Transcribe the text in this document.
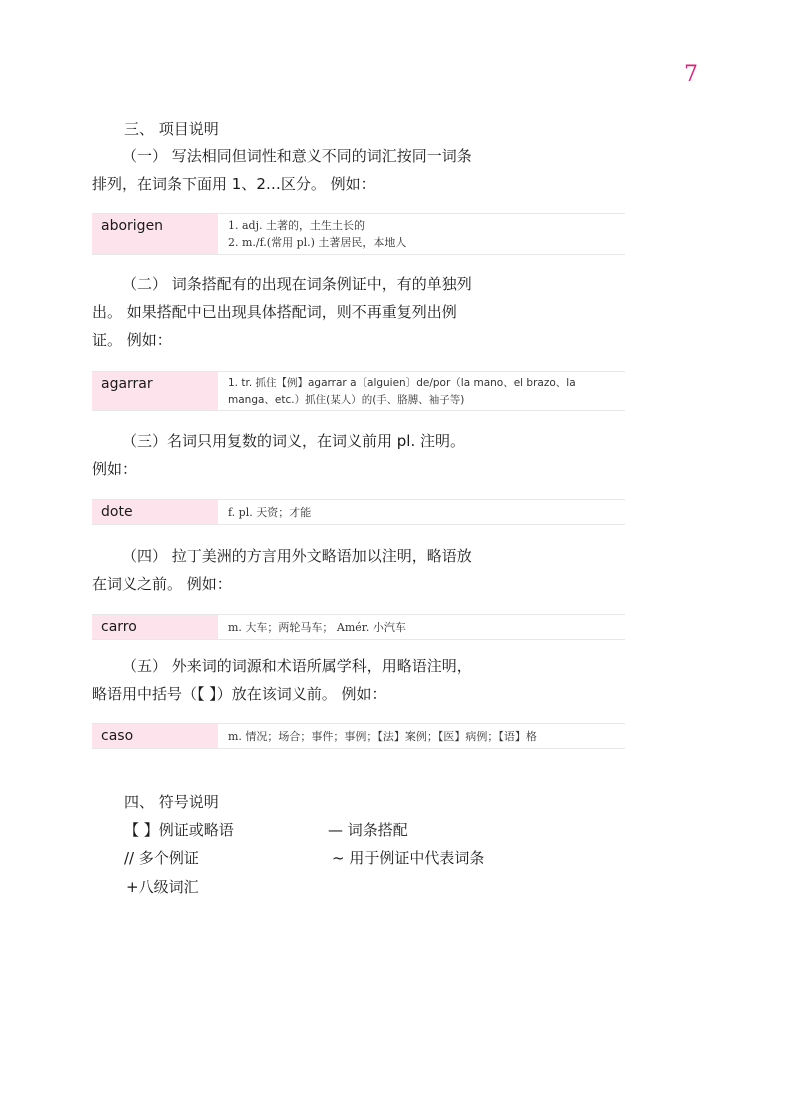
7
三、 项目说明
（一） 写法相同但词性和意义不同的词汇按同一词条
排列，在词条下面用 1、2…区分。 例如：
aborigen	1. adj. 土著的，土生土长的
2. m./f.(常用 pl.) 土著居民，本地人
（二） 词条搭配有的出现在词条例证中，有的单独列
出。 如果搭配中已出现具体搭配词，则不再重复列出例
证。 例如：
agarrar	1. tr. 抓住【例】agarrar a〔alguien〕de/por（la mano、el brazo、la
manga、etc.）抓住(某人）的(手、胳膊、袖子等)
（三）名词只用复数的词义，在词义前用 pl. 注明。
例如：
dote	f. pl. 天资；才能
（四） 拉丁美洲的方言用外文略语加以注明，略语放
在词义之前。 例如：
carro	m. 大车；两轮马车； Amér. 小汽车
（五） 外来词的词源和术语所属学科，用略语注明，
略语用中括号（【 】）放在该词义前。 例如：
caso	m. 情况；场合；事件；事例；【法】案例；【医】病例；【语】格
四、 符号说明
【 】例证或略语	— 词条搭配
// 多个例证	~ 用于例证中代表词条
+八级词汇
